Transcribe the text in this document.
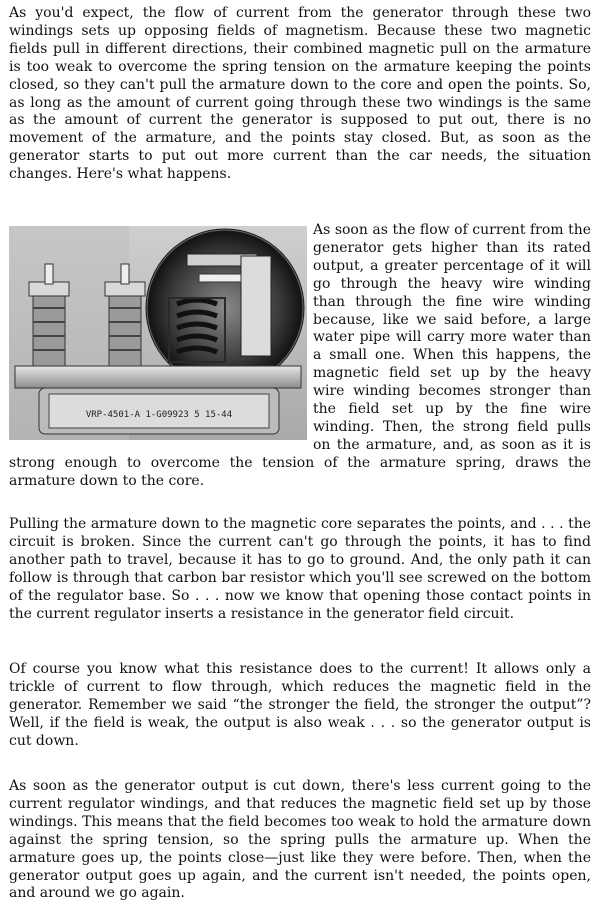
As you'd expect, the flow of current from the generator through these two windings sets up opposing fields of magnetism. Because these two magnetic fields pull in different directions, their combined magnetic pull on the armature is too weak to overcome the spring tension on the armature keeping the points closed, so they can't pull the armature down to the core and open the points. So, as long as the amount of current going through these two windings is the same as the amount of current the generator is supposed to put out, there is no movement of the armature, and the points stay closed. But, as soon as the generator starts to put out more current than the car needs, the situation changes. Here's what happens.

VRP-4501-A 1-G09923 5 15-44
As soon as the flow of current from the generator gets higher than its rated output, a greater percentage of it will go through the heavy wire winding than through the fine wire winding because, like we said before, a large water pipe will carry more water than a small one. When this happens, the magnetic field set up by the heavy wire winding becomes stronger than the field set up by the fine wire winding. Then, the strong field pulls on the armature, and, as soon as it is strong enough to overcome the tension of the armature spring, draws the armature down to the core.

Pulling the armature down to the magnetic core separates the points, and . . . the circuit is broken. Since the current can't go through the points, it has to find another path to travel, because it has to go to ground. And, the only path it can follow is through that carbon bar resistor which you'll see screwed on the bottom of the regulator base. So . . . now we know that opening those contact points in the current regulator inserts a resistance in the generator field circuit.

Of course you know what this resistance does to the current! It allows only a trickle of current to flow through, which reduces the magnetic field in the generator. Remember we said “the stronger the field, the stronger the output”? Well, if the field is weak, the output is also weak . . . so the generator output is cut down.

As soon as the generator output is cut down, there's less current going to the current regulator windings, and that reduces the magnetic field set up by those windings. This means that the field becomes too weak to hold the armature down against the spring tension, so the spring pulls the armature up. When the armature goes up, the points close—just like they were before. Then, when the generator output goes up again, and the current isn't needed, the points open, and around we go again.
